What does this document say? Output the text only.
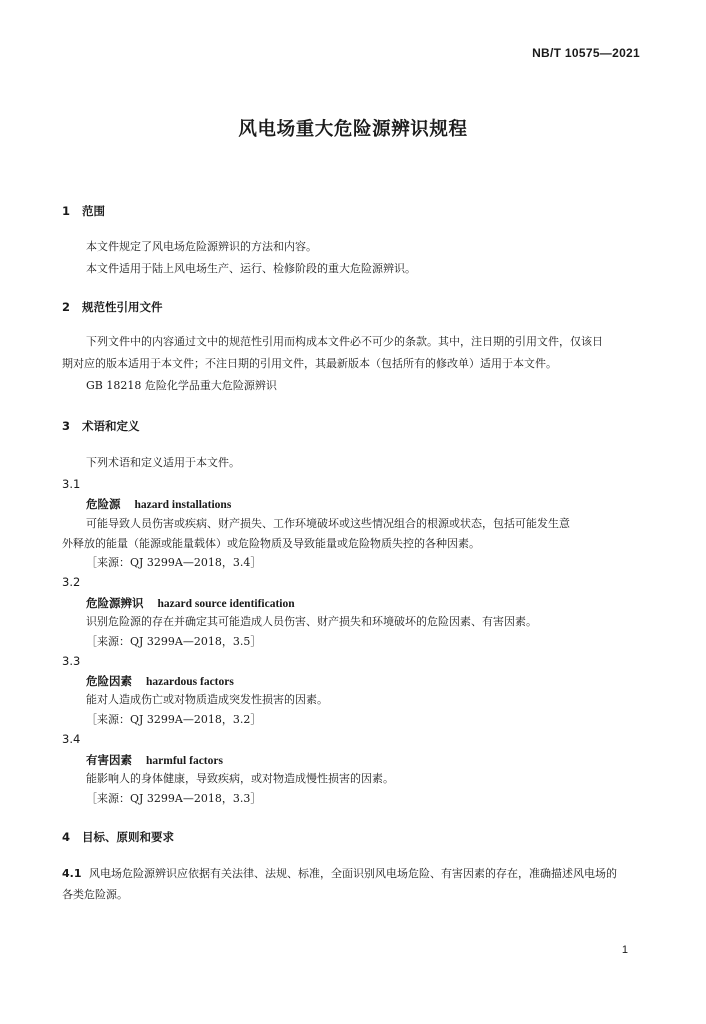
NB/T 10575—2021
风电场重大危险源辨识规程
1 范围
本文件规定了风电场危险源辨识的方法和内容。
本文件适用于陆上风电场生产、运行、检修阶段的重大危险源辨识。
2 规范性引用文件
下列文件中的内容通过文中的规范性引用而构成本文件必不可少的条款。其中，注日期的引用文件，仅该日
期对应的版本适用于本文件；不注日期的引用文件，其最新版本（包括所有的修改单）适用于本文件。
GB 18218 危险化学品重大危险源辨识
3 术语和定义
下列术语和定义适用于本文件。
3.1
危险源 hazard installations
可能导致人员伤害或疾病、财产损失、工作环境破坏或这些情况组合的根源或状态，包括可能发生意
外释放的能量（能源或能量载体）或危险物质及导致能量或危险物质失控的各种因素。
［来源：QJ 3299A—2018，3.4］
3.2
危险源辨识 hazard source identification
识别危险源的存在并确定其可能造成人员伤害、财产损失和环境破坏的危险因素、有害因素。
［来源：QJ 3299A—2018，3.5］
3.3
危险因素 hazardous factors
能对人造成伤亡或对物质造成突发性损害的因素。
［来源：QJ 3299A—2018，3.2］
3.4
有害因素 harmful factors
能影响人的身体健康，导致疾病，或对物造成慢性损害的因素。
［来源：QJ 3299A—2018，3.3］
4 目标、原则和要求
4.1 风电场危险源辨识应依据有关法律、法规、标准，全面识别风电场危险、有害因素的存在，准确描述风电场的
各类危险源。
1
